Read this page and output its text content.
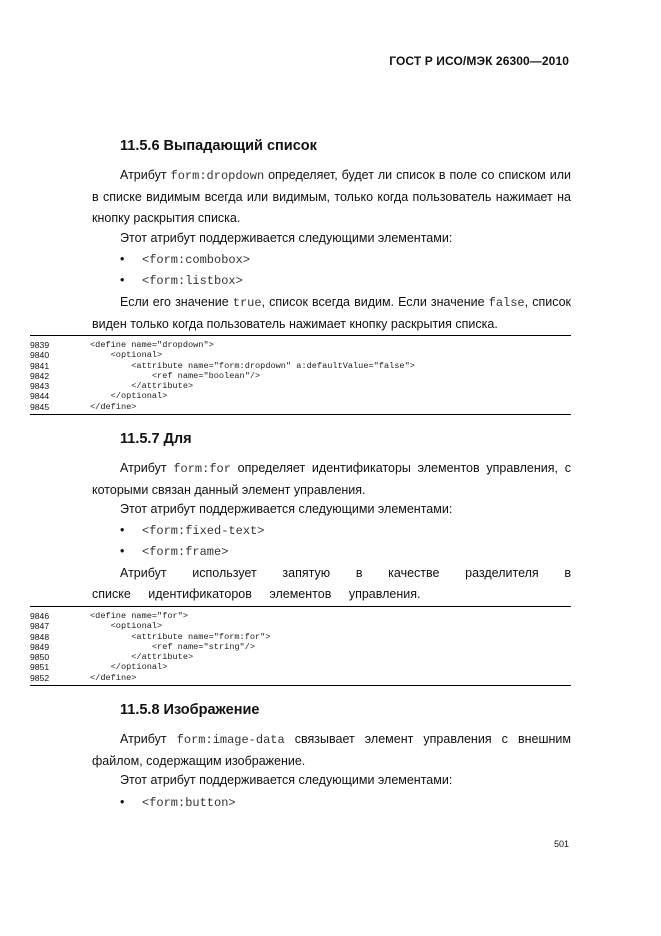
ГОСТ Р ИСО/МЭК 26300—2010
11.5.6 Выпадающий список
Атрибут form:dropdown определяет, будет ли список в поле со списком или в списке видимым всегда или видимым, только когда пользователь нажимает на кнопку раскрытия списка.
Этот атрибут поддерживается следующими элементами:
• <form:combobox>
• <form:listbox>
Если его значение true, список всегда видим. Если значение false, список виден только когда пользователь нажимает кнопку раскрытия списка.
9839	<define name="dropdown">
9840	<optional>
9841	<attribute name="form:dropdown" a:defaultValue="false">
9842	<ref name="boolean"/>
9843	</attribute>
9844	</optional>
9845	</define>
11.5.7 Для
Атрибут form:for определяет идентификаторы элементов управления, с которыми связан данный элемент управления.
Этот атрибут поддерживается следующими элементами:
• <form:fixed-text>
• <form:frame>
Атрибут использует запятую в качестве разделителя в списке идентификаторов элементов управления.
9846	<define name="for">
9847	<optional>
9848	<attribute name="form:for">
9849	<ref name="string"/>
9850	</attribute>
9851	</optional>
9852	</define>
11.5.8 Изображение
Атрибут form:image-data связывает элемент управления с внешним файлом, содержащим изображение.
Этот атрибут поддерживается следующими элементами:
• <form:button>
501
